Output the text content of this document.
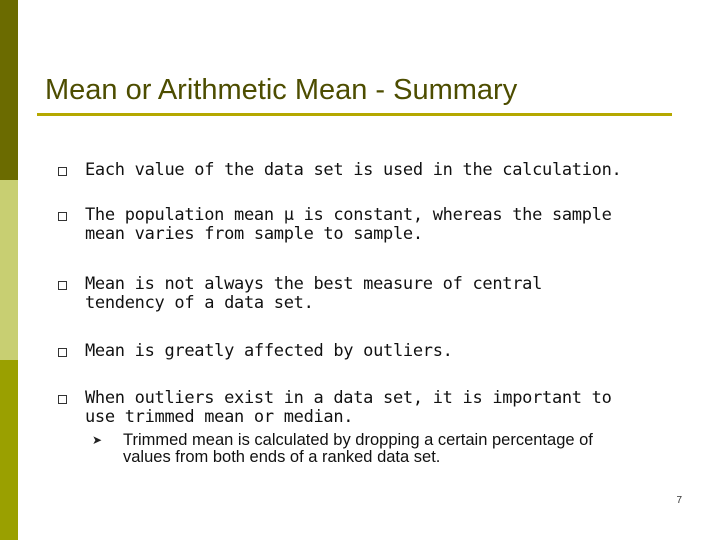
Mean or Arithmetic Mean - Summary
Each value of the data set is used in the calculation.
The population mean μ is constant, whereas the sample mean varies from sample to sample.
Mean is not always the best measure of central tendency of a data set.
Mean is greatly affected by outliers.
When outliers exist in a data set, it is important to use trimmed mean or median.
➤ Trimmed mean is calculated by dropping a certain percentage of values from both ends of a ranked data set.
7
